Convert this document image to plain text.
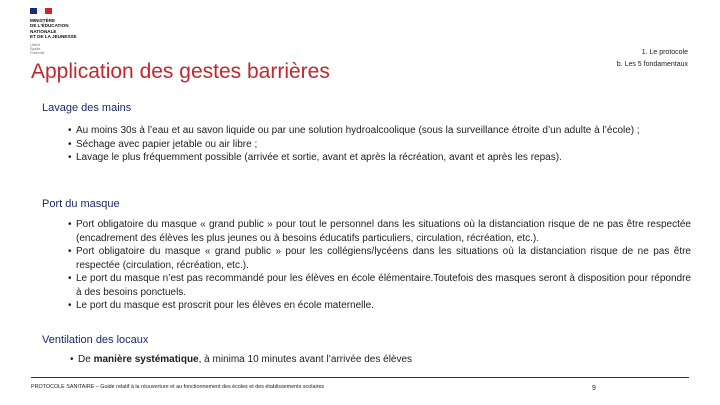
MINISTÈRE
DE L'ÉDUCATION
NATIONALE
ET DE LA JEUNESSE
Liberté
Égalité
Fraternité	1. Le protocole
b. Les 5 fondamentaux
Application des gestes barrières
Lavage des mains
• Au moins 30s à l’eau et au savon liquide ou par une solution hydroalcoolique (sous la surveillance étroite d’un adulte à l’école) ;
• Séchage avec papier jetable ou air libre ;
• Lavage le plus fréquemment possible (arrivée et sortie, avant et après la récréation, avant et après les repas).
Port du masque
• Port obligatoire du masque « grand public » pour tout le personnel dans les situations où la distanciation risque de ne pas être respectée (encadrement des élèves les plus jeunes ou à besoins éducatifs particuliers, circulation, récréation, etc.).
• Port obligatoire du masque « grand public » pour les collégiens/lycéens dans les situations où la distanciation risque de ne pas être respectée (circulation, récréation, etc.).
• Le port du masque n’est pas recommandé pour les élèves en école élémentaire.Toutefois des masques seront à disposition pour répondre à des besoins ponctuels.
• Le port du masque est proscrit pour les élèves en école maternelle.
Ventilation des locaux
• De manière systématique, à minima 10 minutes avant l’arrivée des élèves
PROTOCOLE SANITAIRE – Guide relatif à la réouverture et au fonctionnement des écoles et des établissements scolaires	9
